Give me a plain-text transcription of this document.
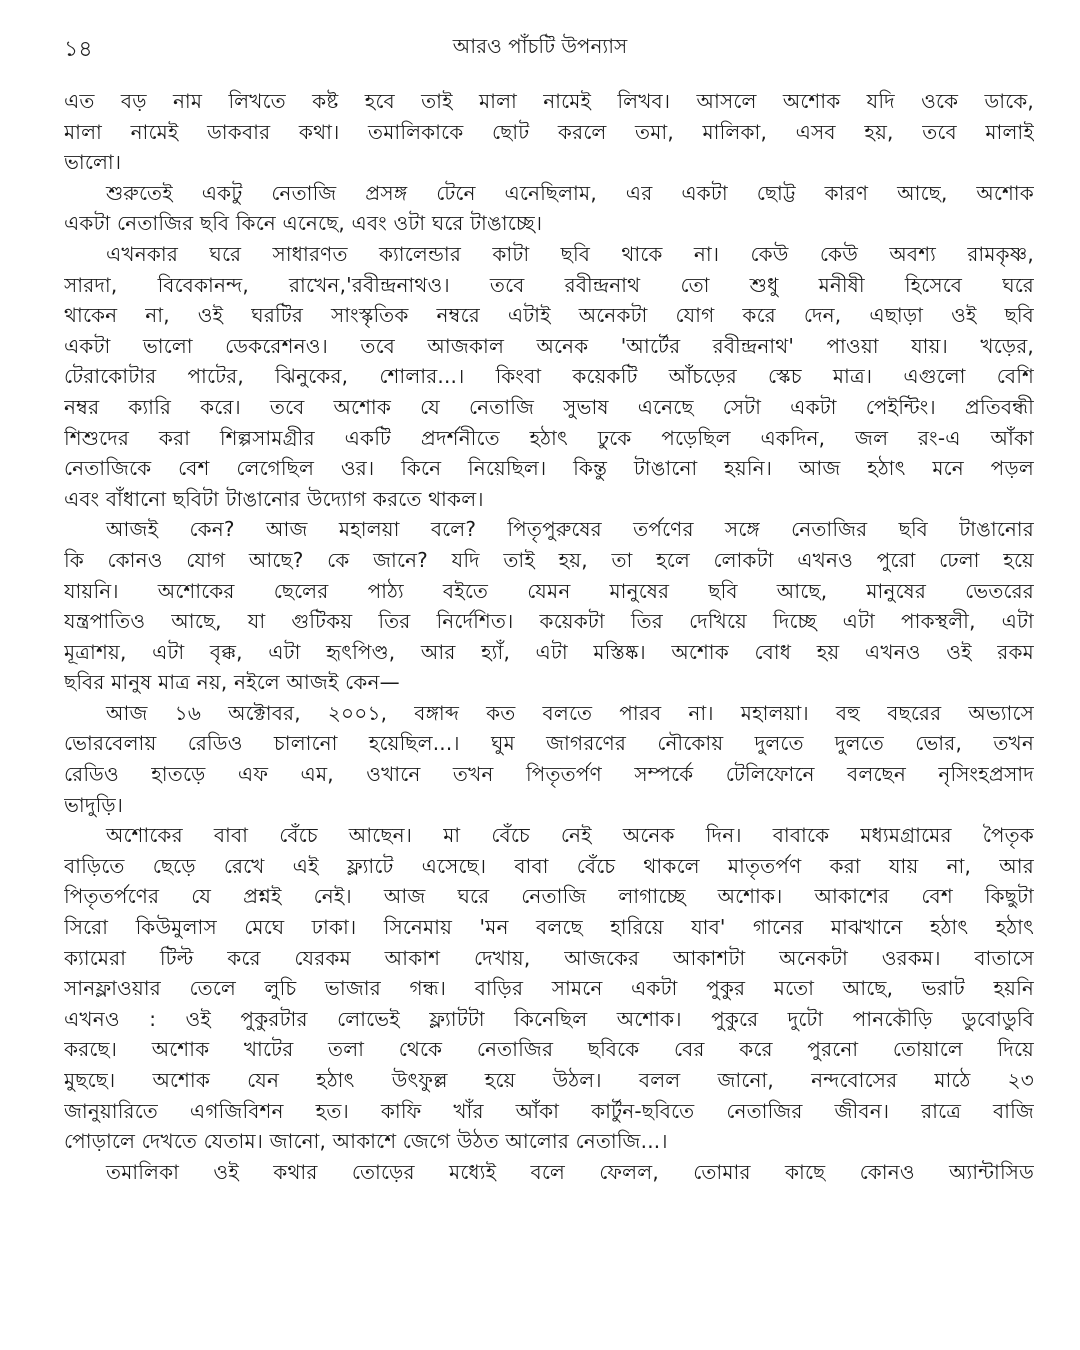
১৪	আরও পাঁচটি উপন্যাস
এত বড় নাম লিখতে কষ্ট হবে তাই মালা নামেই লিখব। আসলে অশোক যদি ওকে ডাকে,
মালা নামেই ডাকবার কথা। তমালিকাকে ছোট করলে তমা, মালিকা, এসব হয়, তবে মালাই
ভালো।
শুরুতেই একটু নেতাজি প্রসঙ্গ টেনে এনেছিলাম, এর একটা ছোট্ট কারণ আছে, অশোক
একটা নেতাজির ছবি কিনে এনেছে, এবং ওটা ঘরে টাঙাচ্ছে।
এখনকার ঘরে সাধারণত ক্যালেন্ডার কাটা ছবি থাকে না। কেউ কেউ অবশ্য রামকৃষ্ণ,
সারদা, বিবেকানন্দ, রাখেন,'রবীন্দ্রনাথও। তবে রবীন্দ্রনাথ তো শুধু মনীষী হিসেবে ঘরে
থাকেন না, ওই ঘরটির সাংস্কৃতিক নম্বরে এটাই অনেকটা যোগ করে দেন, এছাড়া ওই ছবি
একটা ভালো ডেকরেশনও। তবে আজকাল অনেক 'আর্টের রবীন্দ্রনাথ' পাওয়া যায়। খড়ের,
টেরাকোটার পাটের, ঝিনুকের, শোলার...। কিংবা কয়েকটি আঁচড়ের স্কেচ মাত্র। এগুলো বেশি
নম্বর ক্যারি করে। তবে অশোক যে নেতাজি সুভাষ এনেছে সেটা একটা পেইন্টিং। প্রতিবন্ধী
শিশুদের করা শিল্পসামগ্রীর একটি প্রদর্শনীতে হঠাৎ ঢুকে পড়েছিল একদিন, জল রং-এ আঁকা
নেতাজিকে বেশ লেগেছিল ওর। কিনে নিয়েছিল। কিন্তু টাঙানো হয়নি। আজ হঠাৎ মনে পড়ল
এবং বাঁধানো ছবিটা টাঙানোর উদ্যোগ করতে থাকল।
আজই কেন? আজ মহালয়া বলে? পিতৃপুরুষের তর্পণের সঙ্গে নেতাজির ছবি টাঙানোর
কি কোনও যোগ আছে? কে জানে? যদি তাই হয়, তা হলে লোকটা এখনও পুরো ঢেলা হয়ে
যায়নি। অশোকের ছেলের পাঠ্য বইতে যেমন মানুষের ছবি আছে, মানুষের ভেতরের
যন্ত্রপাতিও আছে, যা গুটিকয় তির নির্দেশিত। কয়েকটা তির দেখিয়ে দিচ্ছে এটা পাকস্থলী, এটা
মূত্রাশয়, এটা বৃক্ক, এটা হৃৎপিণ্ড, আর হ্যাঁ, এটা মস্তিষ্ক। অশোক বোধ হয় এখনও ওই রকম
ছবির মানুষ মাত্র নয়, নইলে আজই কেন—
আজ ১৬ অক্টোবর, ২০০১, বঙ্গাব্দ কত বলতে পারব না। মহালয়া। বহু বছরের অভ্যাসে
ভোরবেলায় রেডিও চালানো হয়েছিল...। ঘুম জাগরণের নৌকোয় দুলতে দুলতে ভোর, তখন
রেডিও হাতড়ে এফ এম, ওখানে তখন পিতৃতর্পণ সম্পর্কে টেলিফোনে বলছেন নৃসিংহপ্রসাদ
ভাদুড়ি।
অশোকের বাবা বেঁচে আছেন। মা বেঁচে নেই অনেক দিন। বাবাকে মধ্যমগ্রামের পৈতৃক
বাড়িতে ছেড়ে রেখে এই ফ্ল্যাটে এসেছে। বাবা বেঁচে থাকলে মাতৃতর্পণ করা যায় না, আর
পিতৃতর্পণের যে প্রশ্নই নেই। আজ ঘরে নেতাজি লাগাচ্ছে অশোক। আকাশের বেশ কিছুটা
সিরো কিউমুলাস মেঘে ঢাকা। সিনেমায় 'মন বলছে হারিয়ে যাব' গানের মাঝখানে হঠাৎ হঠাৎ
ক্যামেরা টিল্ট করে যেরকম আকাশ দেখায়, আজকের আকাশটা অনেকটা ওরকম। বাতাসে
সানফ্লাওয়ার তেলে লুচি ভাজার গন্ধ। বাড়ির সামনে একটা পুকুর মতো আছে, ভরাট হয়নি
এখনও : ওই পুকুরটার লোভেই ফ্ল্যাটটা কিনেছিল অশোক। পুকুরে দুটো পানকৌড়ি ডুবোডুবি
করছে। অশোক খাটের তলা থেকে নেতাজির ছবিকে বের করে পুরনো তোয়ালে দিয়ে
মুছছে। অশোক যেন হঠাৎ উৎফুল্ল হয়ে উঠল। বলল জানো, নন্দবোসের মাঠে ২৩
জানুয়ারিতে এগজিবিশন হত। কাফি খাঁর আঁকা কার্টুন-ছবিতে নেতাজির জীবন। রাত্রে বাজি
পোড়ালে দেখতে যেতাম। জানো, আকাশে জেগে উঠত আলোর নেতাজি...।
তমালিকা ওই কথার তোড়ের মধ্যেই বলে ফেলল, তোমার কাছে কোনও অ্যান্টাসিড
